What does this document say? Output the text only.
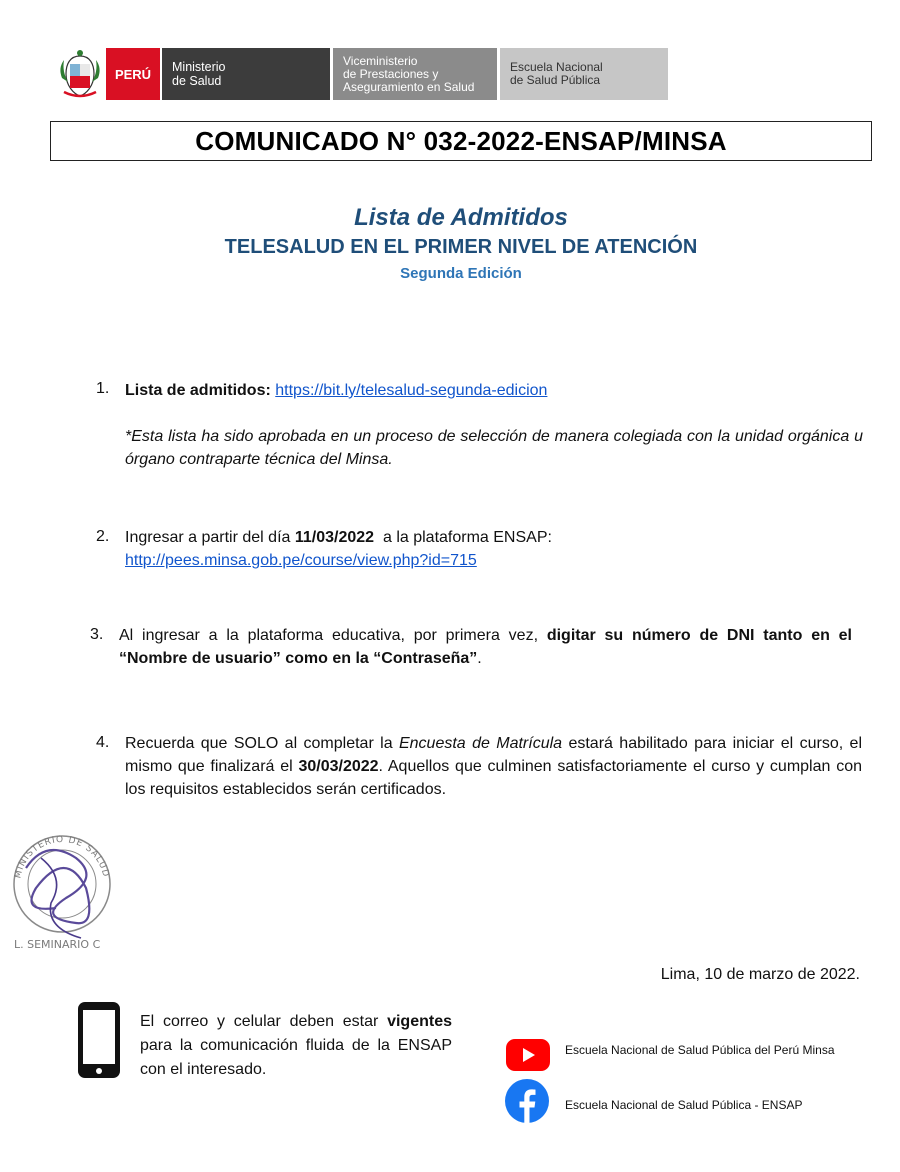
PERÚ	Ministerio
de Salud
Viceministerio
de Prestaciones y
Aseguramiento en Salud
Escuela Nacional
de Salud Pública
COMUNICADO N° 032-2022-ENSAP/MINSA
Lista de Admitidos
TELESALUD EN EL PRIMER NIVEL DE ATENCIÓN
Segunda Edición
1. Lista de admitidos: https://bit.ly/telesalud-segunda-edicion
*Esta lista ha sido aprobada en un proceso de selección de manera colegiada con la unidad orgánica u órgano contraparte técnica del Minsa.
2. Ingresar a partir del día 11/03/2022  a la plataforma ENSAP:
http://pees.minsa.gob.pe/course/view.php?id=715
3. Al ingresar a la plataforma educativa, por primera vez, digitar su número de DNI tanto en el “Nombre de usuario” como en la “Contraseña”.
4. Recuerda que SOLO al completar la Encuesta de Matrícula estará habilitado para iniciar el curso, el mismo que finalizará el 30/03/2022. Aquellos que culminen satisfactoriamente el curso y cumplan con los requisitos establecidos serán certificados.
MINISTERIO DE SALUD
L. SEMINARIO C
Lima, 10 de marzo de 2022.
El correo y celular deben estar vigentes para la comunicación fluida de la ENSAP con el interesado.
Escuela Nacional de Salud Pública del Perú Minsa
Escuela Nacional de Salud Pública - ENSAP
